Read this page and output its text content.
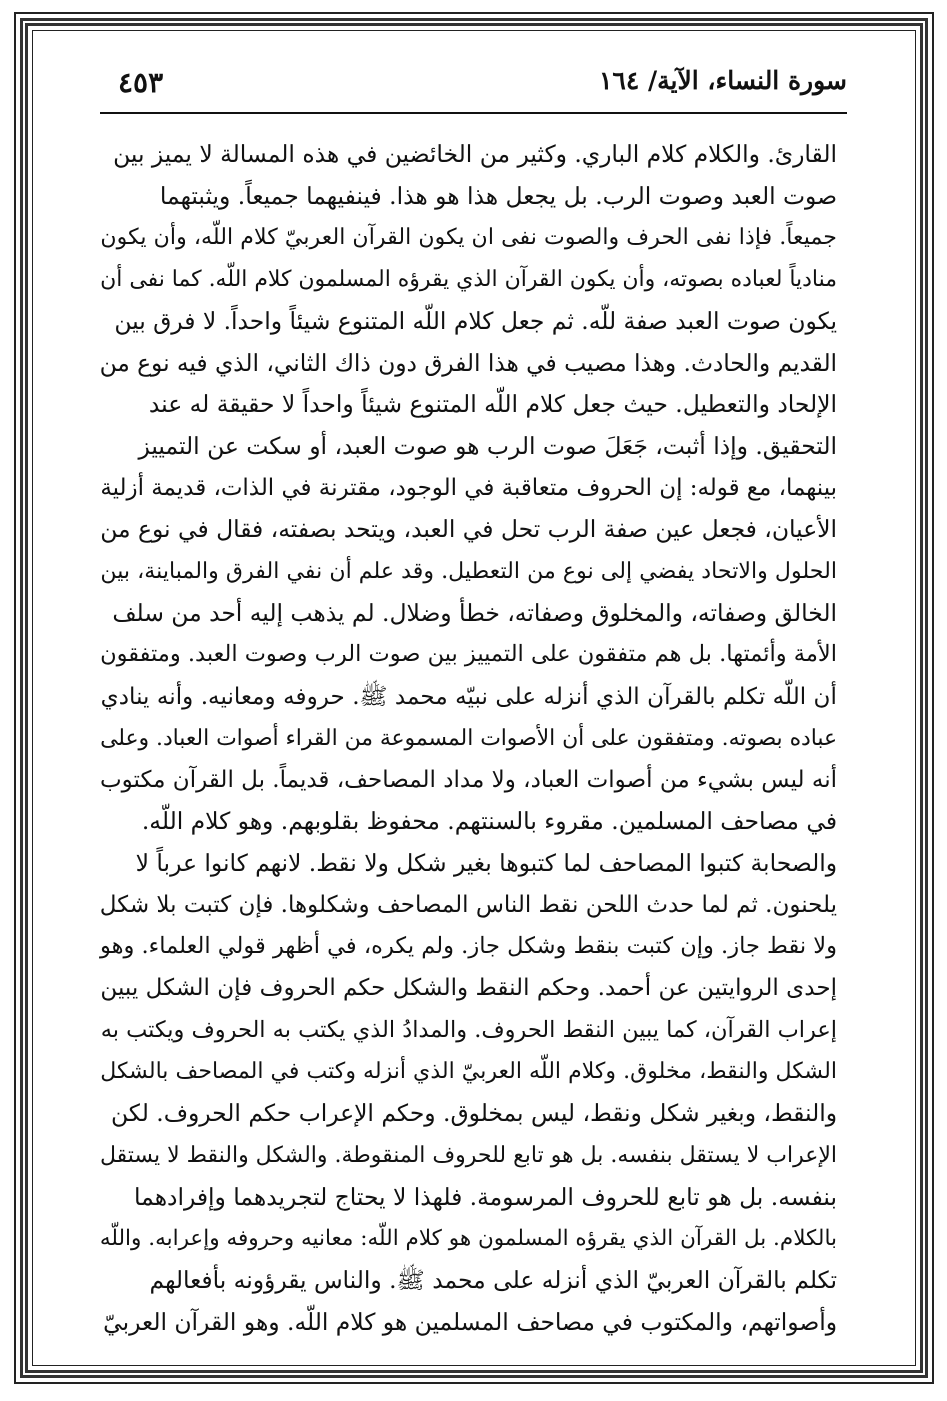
٤٥٣	سورة النساء، الآية/ ١٦٤
القارئ. والكلام كلام الباري. وكثير من الخائضين في هذه المسالة لا يميز بين
صوت العبد وصوت الرب. بل يجعل هذا هو هذا. فينفيهما جميعاً. ويثبتهما
جميعاً. فإذا نفى الحرف والصوت نفى ان يكون القرآن العربيّ كلام اللّه، وأن يكون
منادياً لعباده بصوته، وأن يكون القرآن الذي يقرؤه المسلمون كلام اللّه. كما نفى أن
يكون صوت العبد صفة للّه. ثم جعل كلام اللّه المتنوع شيئاً واحداً. لا فرق بين
القديم والحادث. وهذا مصيب في هذا الفرق دون ذاك الثاني، الذي فيه نوع من
الإلحاد والتعطيل. حيث جعل كلام اللّه المتنوع شيئاً واحداً لا حقيقة له عند
التحقيق. وإذا أثبت، جَعَلَ صوت الرب هو صوت العبد، أو سكت عن التمييز
بينهما، مع قوله: إن الحروف متعاقبة في الوجود، مقترنة في الذات، قديمة أزلية
الأعيان، فجعل عين صفة الرب تحل في العبد، ويتحد بصفته، فقال في نوع من
الحلول والاتحاد يفضي إلى نوع من التعطيل. وقد علم أن نفي الفرق والمباينة، بين
الخالق وصفاته، والمخلوق وصفاته، خطأ وضلال. لم يذهب إليه أحد من سلف
الأمة وأئمتها. بل هم متفقون على التمييز بين صوت الرب وصوت العبد. ومتفقون
أن اللّه تكلم بالقرآن الذي أنزله على نبيّه محمد ﷺ. حروفه ومعانيه. وأنه ينادي
عباده بصوته. ومتفقون على أن الأصوات المسموعة من القراء أصوات العباد. وعلى
أنه ليس بشيء من أصوات العباد، ولا مداد المصاحف، قديماً. بل القرآن مكتوب
في مصاحف المسلمين. مقروء بالسنتهم. محفوظ بقلوبهم. وهو كلام اللّه.
والصحابة كتبوا المصاحف لما كتبوها بغير شكل ولا نقط. لانهم كانوا عرباً لا
يلحنون. ثم لما حدث اللحن نقط الناس المصاحف وشكلوها. فإن كتبت بلا شكل
ولا نقط جاز. وإن كتبت بنقط وشكل جاز. ولم يكره، في أظهر قولي العلماء. وهو
إحدى الروايتين عن أحمد. وحكم النقط والشكل حكم الحروف فإن الشكل يبين
إعراب القرآن، كما يبين النقط الحروف. والمدادُ الذي يكتب به الحروف ويكتب به
الشكل والنقط، مخلوق. وكلام اللّه العربيّ الذي أنزله وكتب في المصاحف بالشكل
والنقط، وبغير شكل ونقط، ليس بمخلوق. وحكم الإعراب حكم الحروف. لكن
الإعراب لا يستقل بنفسه. بل هو تابع للحروف المنقوطة. والشكل والنقط لا يستقل
بنفسه. بل هو تابع للحروف المرسومة. فلهذا لا يحتاج لتجريدهما وإفرادهما
بالكلام. بل القرآن الذي يقرؤه المسلمون هو كلام اللّه: معانيه وحروفه وإعرابه. واللّه
تكلم بالقرآن العربيّ الذي أنزله على محمد ﷺ. والناس يقرؤونه بأفعالهم
وأصواتهم، والمكتوب في مصاحف المسلمين هو كلام اللّه. وهو القرآن العربيّ
